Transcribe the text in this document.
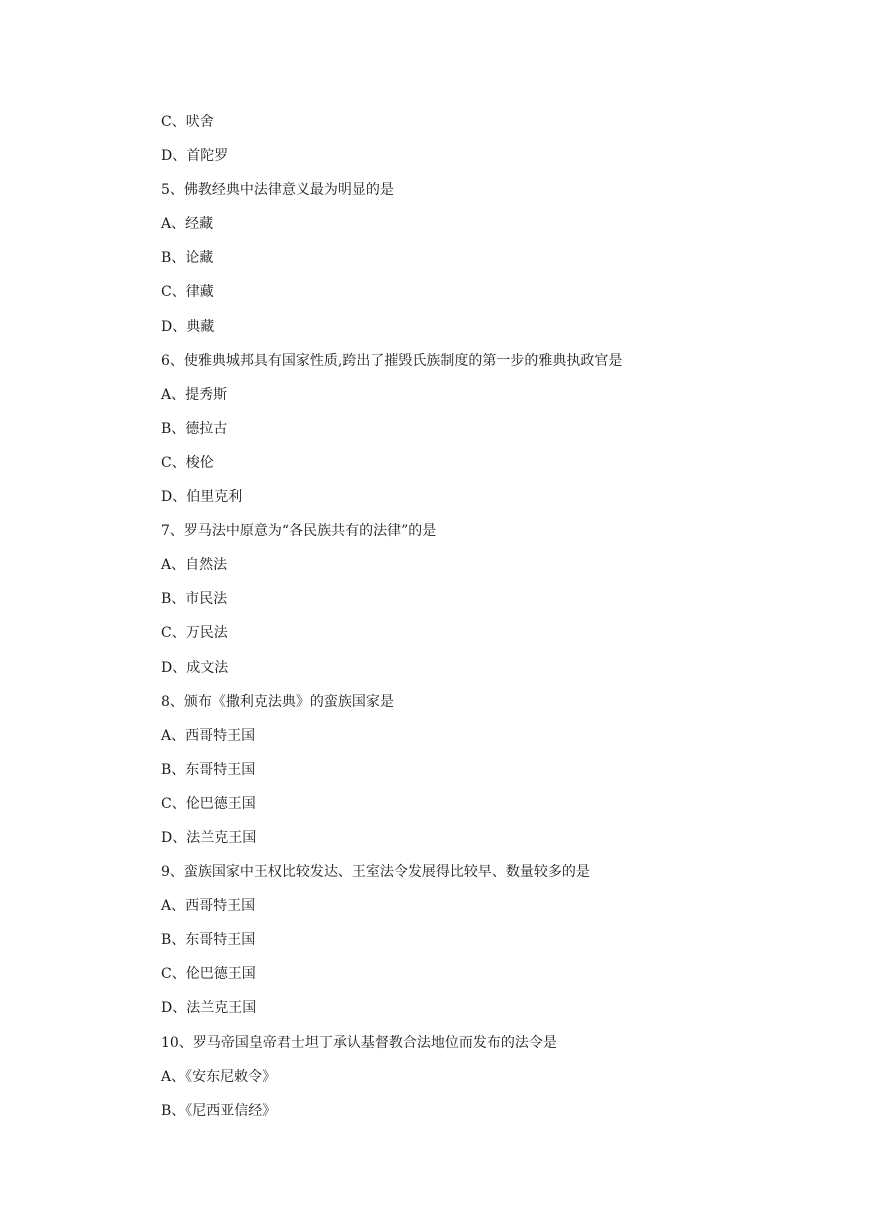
C、吠舍
D、首陀罗
5、佛教经典中法律意义最为明显的是
A、经藏
B、论藏
C、律藏
D、典藏
6、使雅典城邦具有国家性质,跨出了摧毁氏族制度的第一步的雅典执政官是
A、提秀斯
B、德拉古
C、梭伦
D、伯里克利
7、罗马法中原意为“各民族共有的法律”的是
A、自然法
B、市民法
C、万民法
D、成文法
8、颁布《撒利克法典》的蛮族国家是
A、西哥特王国
B、东哥特王国
C、伦巴德王国
D、法兰克王国
9、蛮族国家中王权比较发达、王室法令发展得比较早、数量较多的是
A、西哥特王国
B、东哥特王国
C、伦巴德王国
D、法兰克王国
10、罗马帝国皇帝君士坦丁承认基督教合法地位而发布的法令是
A、《安东尼敕令》
B、《尼西亚信经》
